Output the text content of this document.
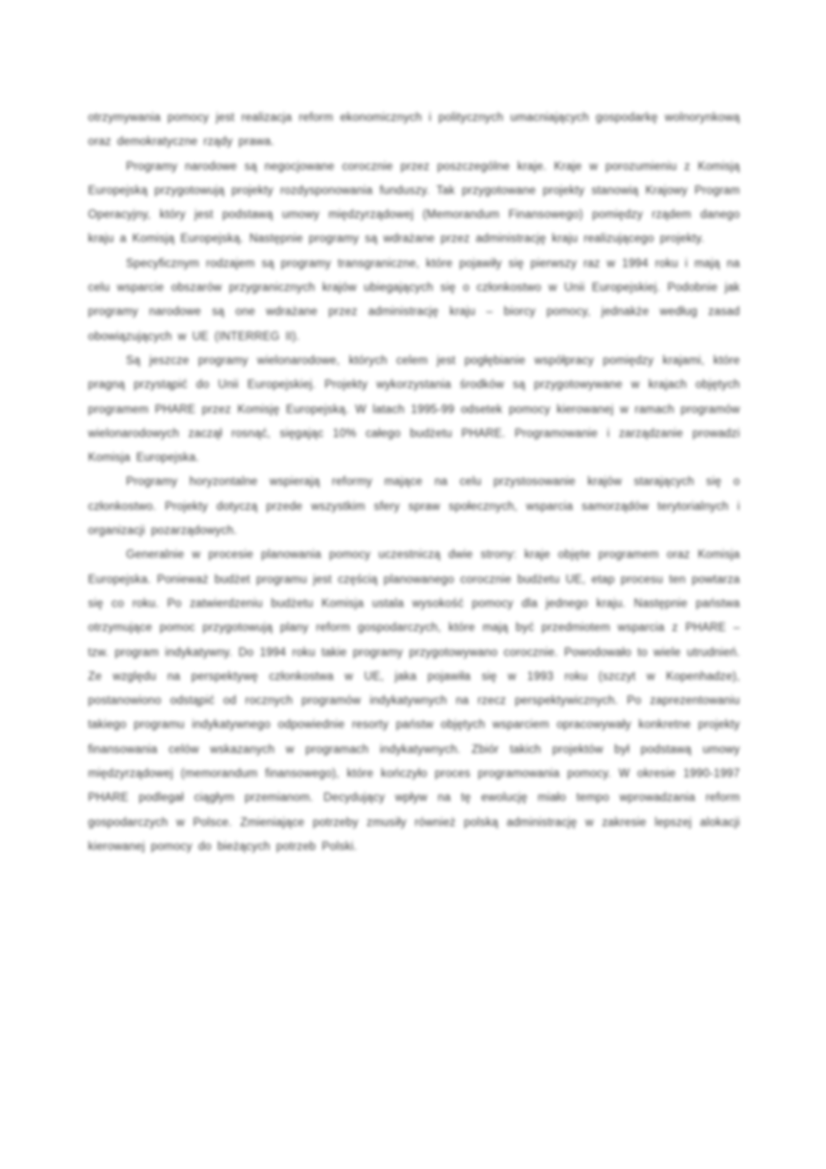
otrzymywania pomocy jest realizacja reform ekonomicznych i politycznych umacniających gospodarkę wolnorynkową oraz demokratyczne rządy prawa.

Programy narodowe są negocjowane corocznie przez poszczególne kraje. Kraje w porozumieniu z Komisją Europejską przygotowują projekty rozdysponowania funduszy. Tak przygotowane projekty stanowią Krajowy Program Operacyjny, który jest podstawą umowy międzyrządowej (Memorandum Finansowego) pomiędzy rządem danego kraju a Komisją Europejską. Następnie programy są wdrażane przez administrację kraju realizującego projekty.

Specyficznym rodzajem są programy transgraniczne, które pojawiły się pierwszy raz w 1994 roku i mają na celu wsparcie obszarów przygranicznych krajów ubiegających się o członkostwo w Unii Europejskiej. Podobnie jak programy narodowe są one wdrażane przez administrację kraju – biorcy pomocy, jednakże według zasad obowiązujących w UE (INTERREG II).

Są jeszcze programy wielonarodowe, których celem jest pogłębianie współpracy pomiędzy krajami, które pragną przystąpić do Unii Europejskiej. Projekty wykorzystania środków są przygotowywane w krajach objętych programem PHARE przez Komisję Europejską. W latach 1995-99 odsetek pomocy kierowanej w ramach programów wielonarodowych zaczął rosnąć, sięgając 10% całego budżetu PHARE. Programowanie i zarządzanie prowadzi Komisja Europejska.

Programy horyzontalne wspierają reformy mające na celu przystosowanie krajów starających się o członkostwo. Projekty dotyczą przede wszystkim sfery spraw społecznych, wsparcia samorządów terytorialnych i organizacji pozarządowych.

Generalnie w procesie planowania pomocy uczestniczą dwie strony: kraje objęte programem oraz Komisja Europejska. Ponieważ budżet programu jest częścią planowanego corocznie budżetu UE, etap procesu ten powtarza się co roku. Po zatwierdzeniu budżetu Komisja ustala wysokość pomocy dla jednego kraju. Następnie państwa otrzymujące pomoc przygotowują plany reform gospodarczych, które mają być przedmiotem wsparcia z PHARE – tzw. program indykatywny. Do 1994 roku takie programy przygotowywano corocznie. Powodowało to wiele utrudnień. Ze względu na perspektywę członkostwa w UE, jaka pojawiła się w 1993 roku (szczyt w Kopenhadze), postanowiono odstąpić od rocznych programów indykatywnych na rzecz perspektywicznych. Po zaprezentowaniu takiego programu indykatywnego odpowiednie resorty państw objętych wsparciem opracowywały konkretne projekty finansowania celów wskazanych w programach indykatywnych. Zbiór takich projektów był podstawą umowy międzyrządowej (memorandum finansowego), które kończyło proces programowania pomocy. W okresie 1990-1997 PHARE podlegał ciągłym przemianom. Decydujący wpływ na tę ewolucję miało tempo wprowadzania reform gospodarczych w Polsce. Zmieniające potrzeby zmusiły również polską administrację w zakresie lepszej alokacji kierowanej pomocy do bieżących potrzeb Polski.
